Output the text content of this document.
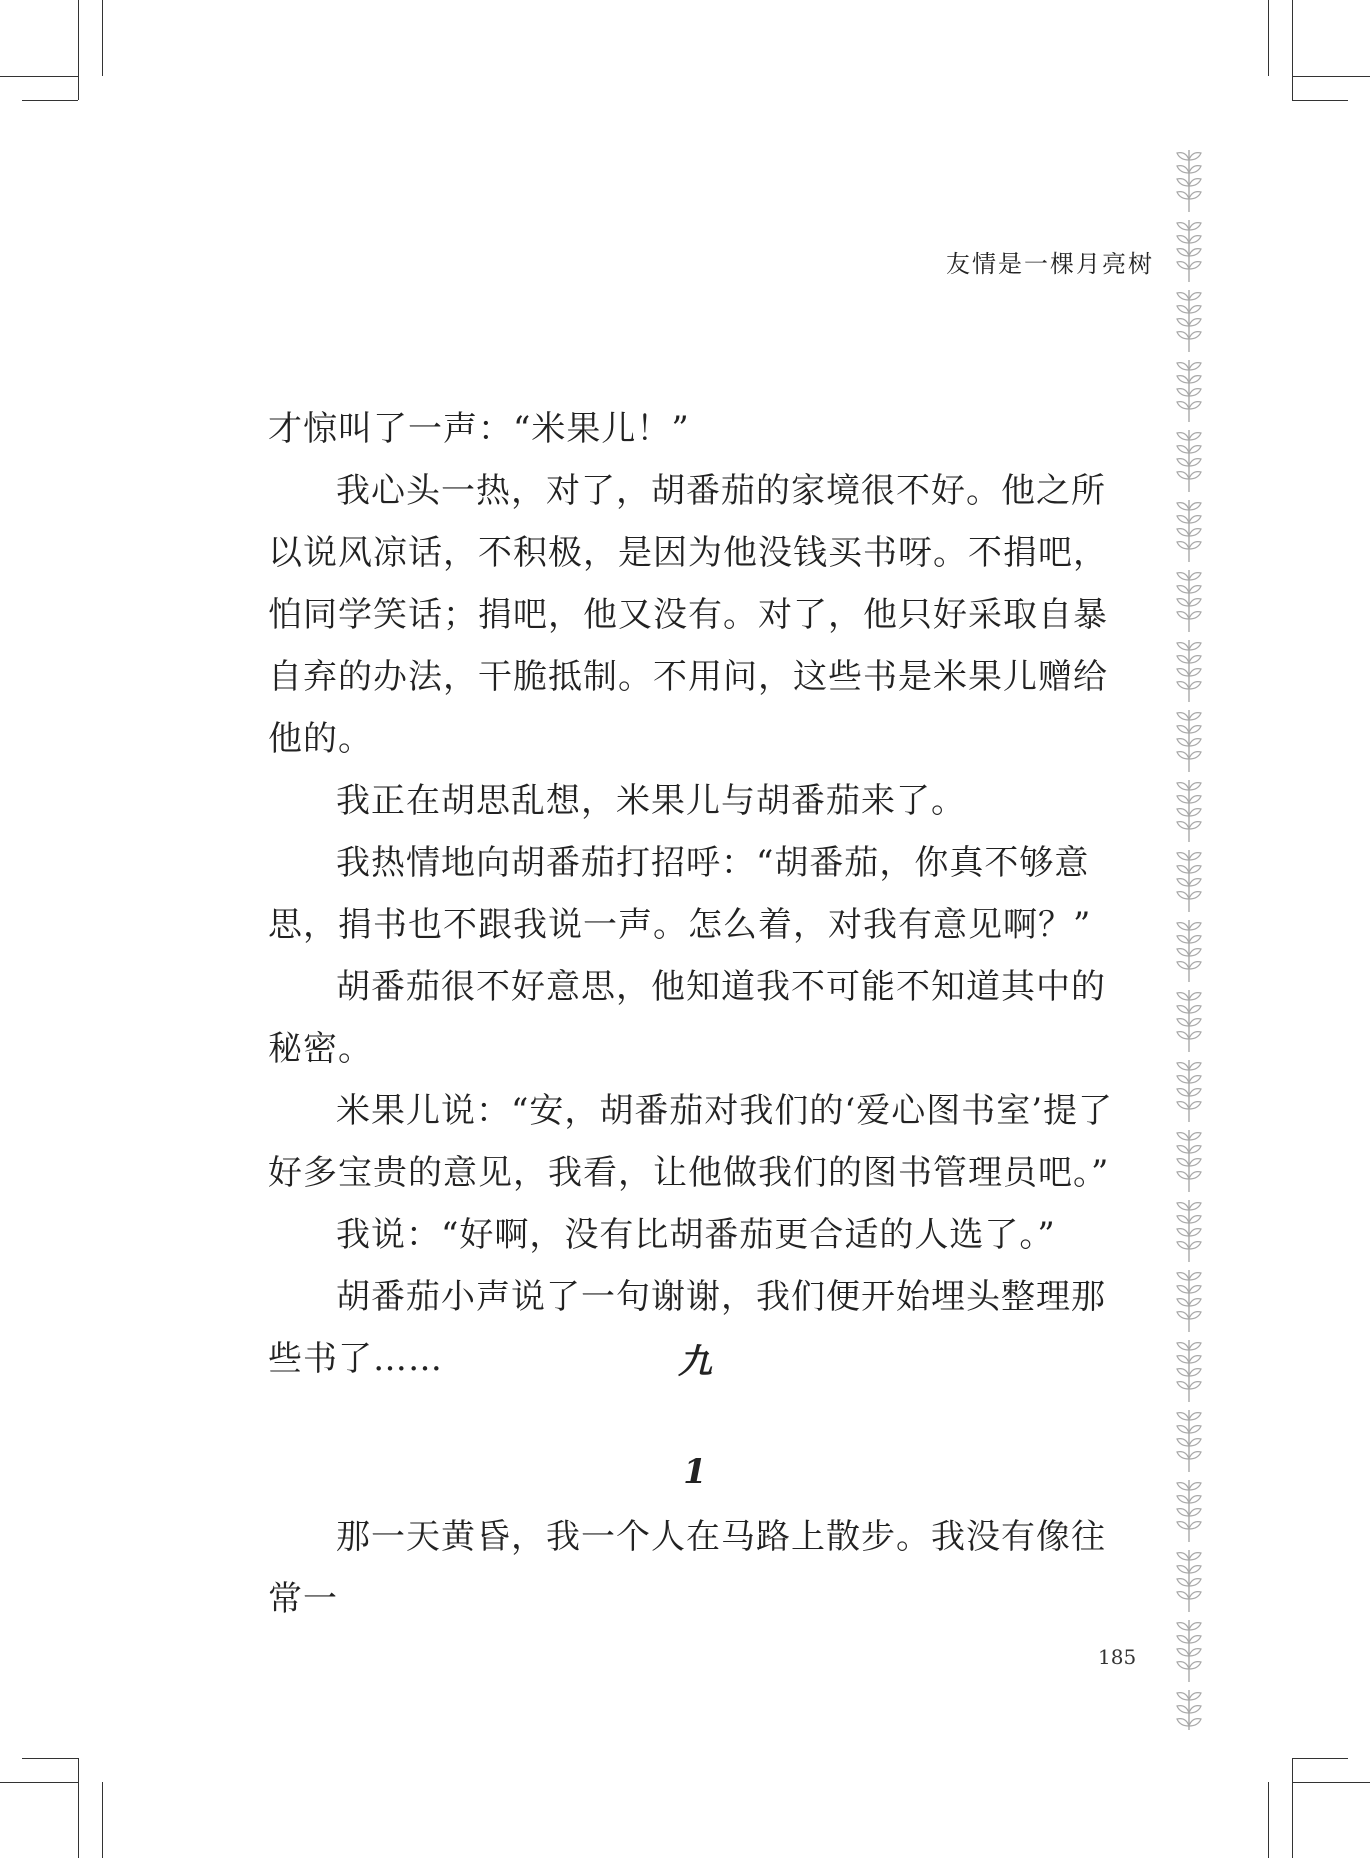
友情是一棵月亮树

才惊叫了一声：“米果儿！”

我心头一热，对了，胡番茄的家境很不好。他之所以说风凉话，不积极，是因为他没钱买书呀。不捐吧，怕同学笑话；捐吧，他又没有。对了，他只好采取自暴自弃的办法，干脆抵制。不用问，这些书是米果儿赠给他的。

我正在胡思乱想，米果儿与胡番茄来了。

我热情地向胡番茄打招呼：“胡番茄，你真不够意思，捐书也不跟我说一声。怎么着，对我有意见啊？”

胡番茄很不好意思，他知道我不可能不知道其中的秘密。

米果儿说：“安，胡番茄对我们的‘爱心图书室’提了好多宝贵的意见，我看，让他做我们的图书管理员吧。”

我说：“好啊，没有比胡番茄更合适的人选了。”

胡番茄小声说了一句谢谢，我们便开始埋头整理那些书了……	九
1

那一天黄昏，我一个人在马路上散步。我没有像往常一

185
